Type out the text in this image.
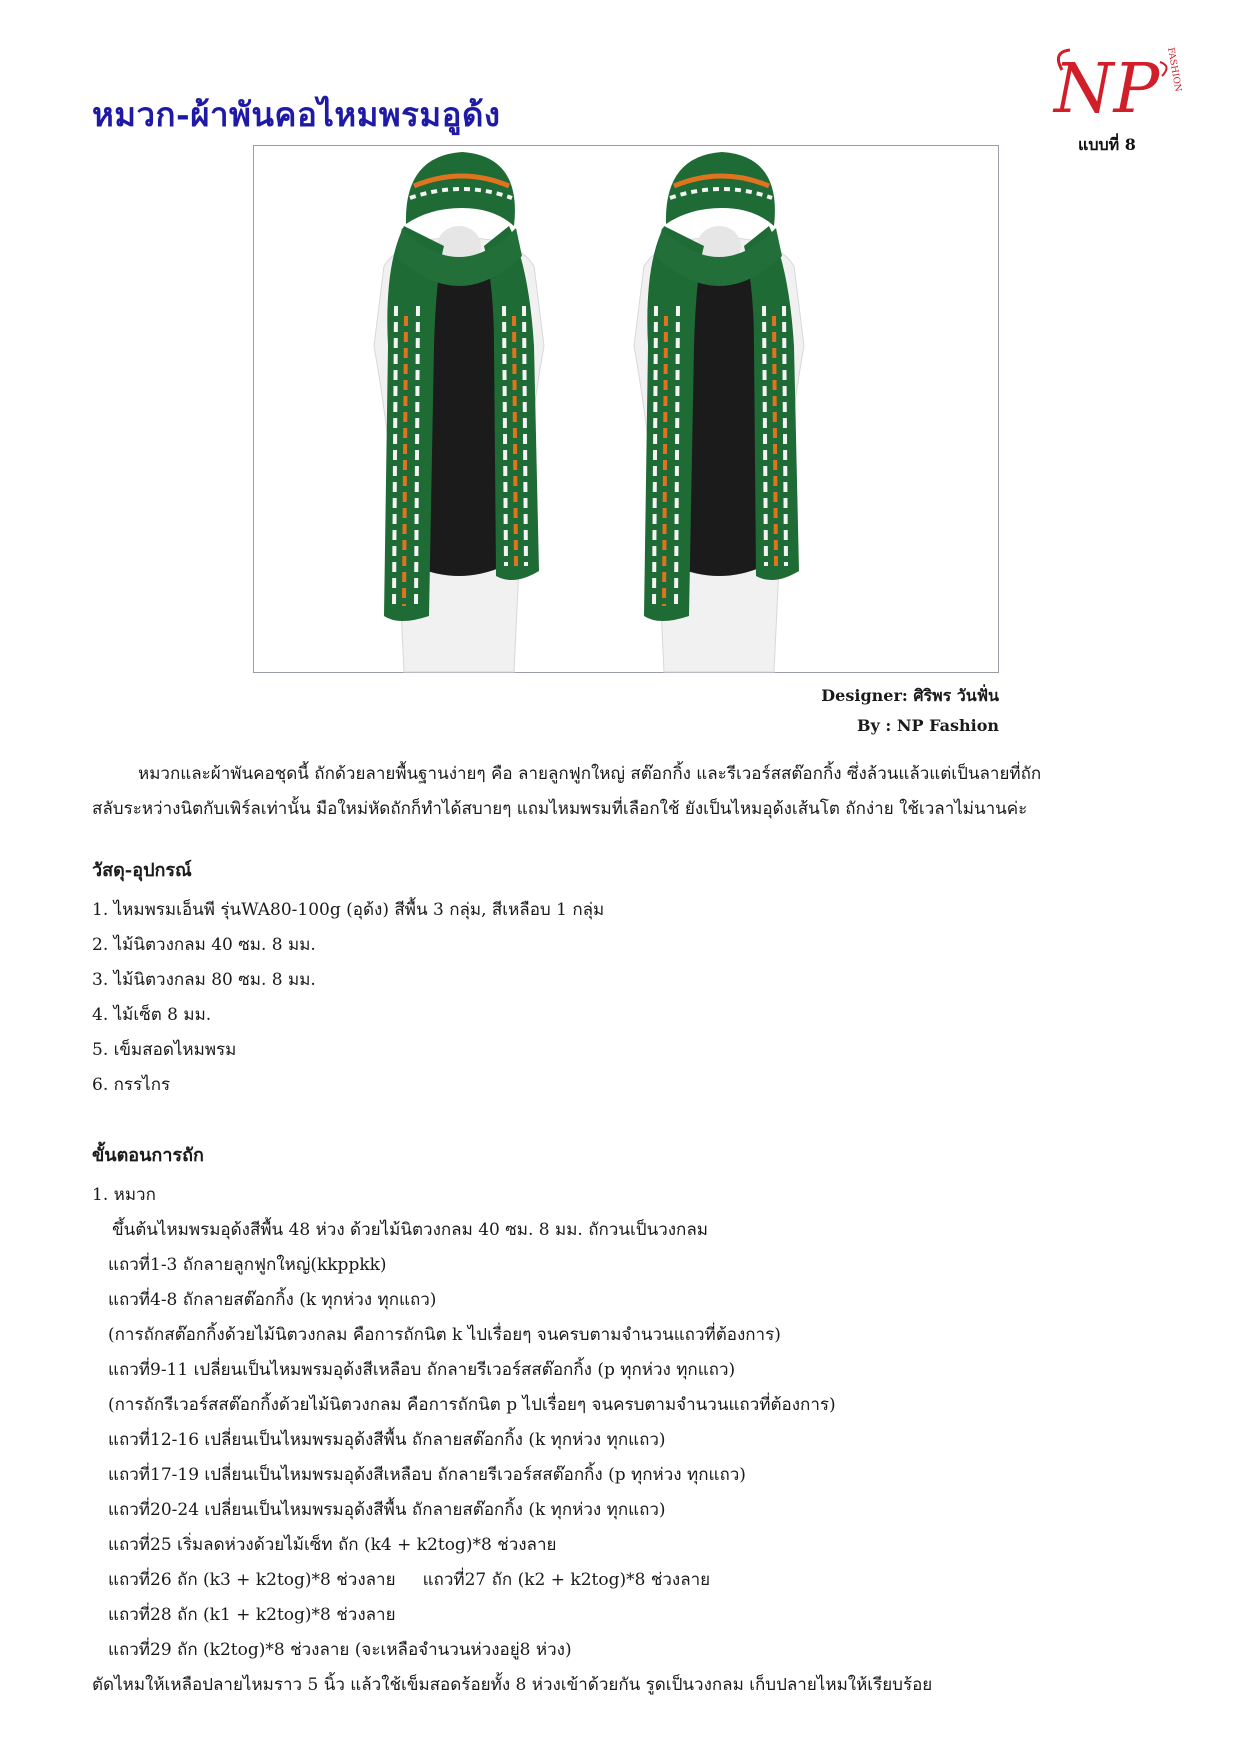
หมวก-ผ้าพันคอไหมพรมอูด้ง	NP FASHION
แบบที่ 8
Designer: ศิริพร วันฟั่น
By : NP Fashion

หมวกและผ้าพันคอชุดนี้ ถักด้วยลายพื้นฐานง่ายๆ คือ ลายลูกฟูกใหญ่ สต๊อกกิ้ง และรีเวอร์สสต๊อกกิ้ง ซึ่งล้วนแล้วแต่เป็นลายที่ถัก

สลับระหว่างนิตกับเพิร์ลเท่านั้น มือใหม่หัดถักก็ทำได้สบายๆ แถมไหมพรมที่เลือกใช้ ยังเป็นไหมอุด้งเส้นโต ถักง่าย ใช้เวลาไม่นานค่ะ
วัสดุ-อุปกรณ์
1. ไหมพรมเอ็นพี รุ่นWA80-100g (อุด้ง) สีพื้น 3 กลุ่ม, สีเหลือบ 1 กลุ่ม
2. ไม้นิตวงกลม 40 ซม. 8 มม.
3. ไม้นิตวงกลม 80 ซม. 8 มม.
4. ไม้เซ็ต 8 มม.
5. เข็มสอดไหมพรม
6. กรรไกร
ขั้นตอนการถัก
1. หมวก
ขึ้นต้นไหมพรมอุด้งสีพื้น 48 ห่วง ด้วยไม้นิตวงกลม 40 ซม. 8 มม. ถักวนเป็นวงกลม
แถวที่1-3 ถักลายลูกฟูกใหญ่(kkppkk)
แถวที่4-8 ถักลายสต๊อกกิ้ง (k ทุกห่วง ทุกแถว)
(การถักสต๊อกกิ้งด้วยไม้นิตวงกลม คือการถักนิต k ไปเรื่อยๆ จนครบตามจำนวนแถวที่ต้องการ)
แถวที่9-11 เปลี่ยนเป็นไหมพรมอุด้งสีเหลือบ ถักลายรีเวอร์สสต๊อกกิ้ง (p ทุกห่วง ทุกแถว)
(การถักรีเวอร์สสต๊อกกิ้งด้วยไม้นิตวงกลม คือการถักนิต p ไปเรื่อยๆ จนครบตามจำนวนแถวที่ต้องการ)
แถวที่12-16 เปลี่ยนเป็นไหมพรมอุด้งสีพื้น ถักลายสต๊อกกิ้ง (k ทุกห่วง ทุกแถว)
แถวที่17-19 เปลี่ยนเป็นไหมพรมอุด้งสีเหลือบ ถักลายรีเวอร์สสต๊อกกิ้ง (p ทุกห่วง ทุกแถว)
แถวที่20-24 เปลี่ยนเป็นไหมพรมอุด้งสีพื้น ถักลายสต๊อกกิ้ง (k ทุกห่วง ทุกแถว)
แถวที่25 เริ่มลดห่วงด้วยไม้เซ็ท ถัก (k4 + k2tog)*8 ช่วงลาย
แถวที่26 ถัก (k3 + k2tog)*8 ช่วงลาย     แถวที่27 ถัก (k2 + k2tog)*8 ช่วงลาย
แถวที่28 ถัก (k1 + k2tog)*8 ช่วงลาย
แถวที่29 ถัก (k2tog)*8 ช่วงลาย (จะเหลือจำนวนห่วงอยู่8 ห่วง)
ตัดไหมให้เหลือปลายไหมราว 5 นิ้ว แล้วใช้เข็มสอดร้อยทั้ง 8 ห่วงเข้าด้วยกัน รูดเป็นวงกลม เก็บปลายไหมให้เรียบร้อย
